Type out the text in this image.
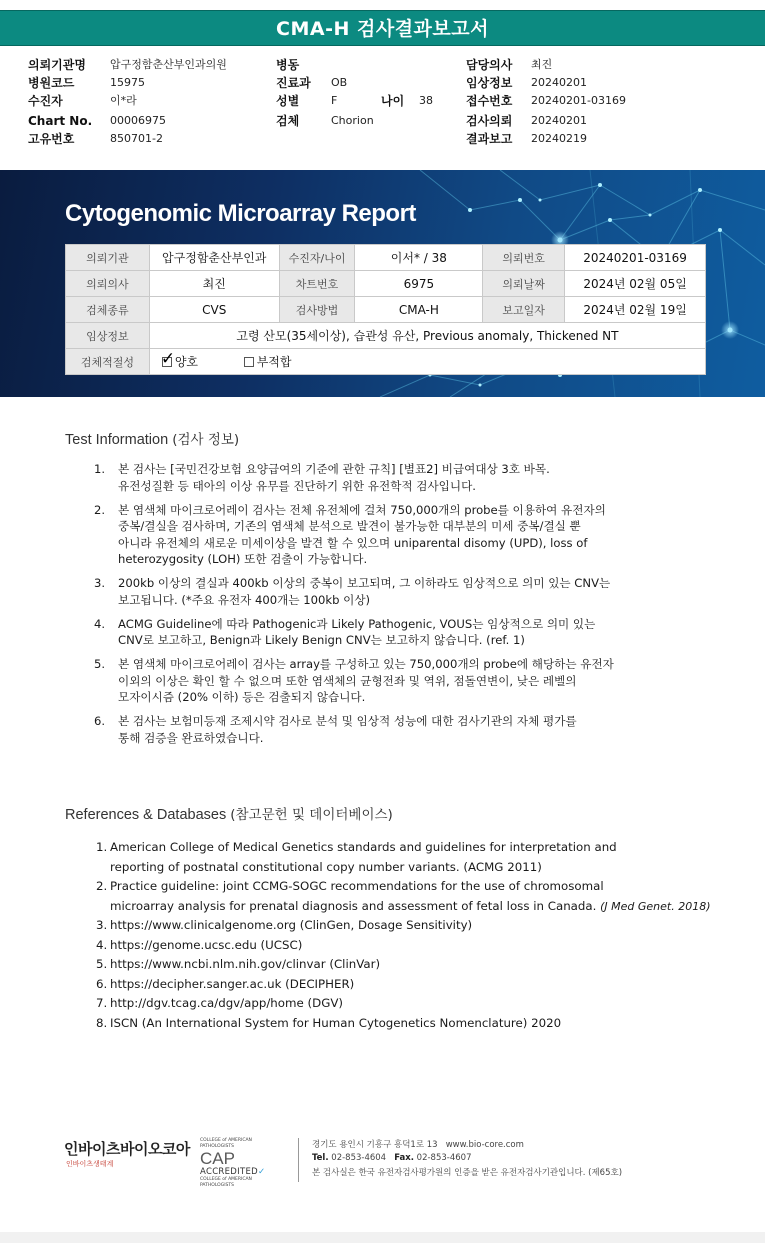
CMA-H 검사결과보고서
의뢰기관명	압구정함춘산부인과의원
병원코드	15975
수진자	이*라
Chart No.	00006975
고유번호	850701-2
병동
진료과	OB
성별	F	나이	38
검체	Chorion
담당의사	최진
임상정보	20240201
접수번호	20240201-03169
검사의뢰	20240201
결과보고	20240219
Cytogenomic Microarray Report
의뢰기관	압구정함춘산부인과	수진자/나이	이서* / 38	의뢰번호	20240201-03169
의뢰의사	최진	차트번호	6975	의뢰날짜	2024년 02월 05일
검체종류	CVS	검사방법	CMA-H	보고일자	2024년 02월 19일
임상정보	고령 산모(35세이상), 습관성 유산, Previous anomaly, Thickened NT				
검체적절성	✓ 양호 부적합				
Test Information (검사 정보)
1.	본 검사는 [국민건강보험 요양급여의 기준에 관한 규칙] [별표2] 비급여대상 3호 바목.
유전성질환 등 태아의 이상 유무를 진단하기 위한 유전학적 검사입니다.
2.	본 염색체 마이크로어레이 검사는 전체 유전체에 걸쳐 750,000개의 probe를 이용하여 유전자의
중복/결실을 검사하며, 기존의 염색체 분석으로 발견이 불가능한 대부분의 미세 중복/결실 뿐
아니라 유전체의 새로운 미세이상을 발견 할 수 있으며 uniparental disomy (UPD), loss of
heterozygosity (LOH) 또한 검출이 가능합니다.
3.	200kb 이상의 결실과 400kb 이상의 중복이 보고되며, 그 이하라도 임상적으로 의미 있는 CNV는
보고됩니다. (*주요 유전자 400개는 100kb 이상)
4.	ACMG Guideline에 따라 Pathogenic과 Likely Pathogenic, VOUS는 임상적으로 의미 있는
CNV로 보고하고, Benign과 Likely Benign CNV는 보고하지 않습니다. (ref. 1)
5.	본 염색체 마이크로어레이 검사는 array를 구성하고 있는 750,000개의 probe에 해당하는 유전자
이외의 이상은 확인 할 수 없으며 또한 염색체의 균형전좌 및 역위, 점돌연변이, 낮은 레벨의
모자이시즘 (20% 이하) 등은 검출되지 않습니다.
6.	본 검사는 보험미등재 조제시약 검사로 분석 및 임상적 성능에 대한 검사기관의 자체 평가를
통해 검증을 완료하였습니다.
References & Databases (참고문헌 및 데이터베이스)
1. American College of Medical Genetics standards and guidelines for interpretation and
reporting of postnatal constitutional copy number variants. (ACMG 2011)
2. Practice guideline: joint CCMG-SOGC recommendations for the use of chromosomal
microarray analysis for prenatal diagnosis and assessment of fetal loss in Canada. (J Med Genet. 2018)
3. https://www.clinicalgenome.org (ClinGen, Dosage Sensitivity)
4. https://genome.ucsc.edu (UCSC)
5. https://www.ncbi.nlm.nih.gov/clinvar (ClinVar)
6. https://decipher.sanger.ac.uk (DECIPHER)
7. http://dgv.tcag.ca/dgv/app/home (DGV)
8. ISCN (An International System for Human Cytogenetics Nomenclature) 2020
인바이츠바이오코아
인바이츠생태계
COLLEGE of AMERICAN PATHOLOGISTS
CAP
ACCREDITED✓
COLLEGE of AMERICAN PATHOLOGISTS
경기도 용인시 기흥구 흥덕1로 13 www.bio-core.com
Tel. 02-853-4604 Fax. 02-853-4607
본 검사실은 한국 유전자검사평가원의 인증을 받은 유전자검사기관입니다. (제65호)
